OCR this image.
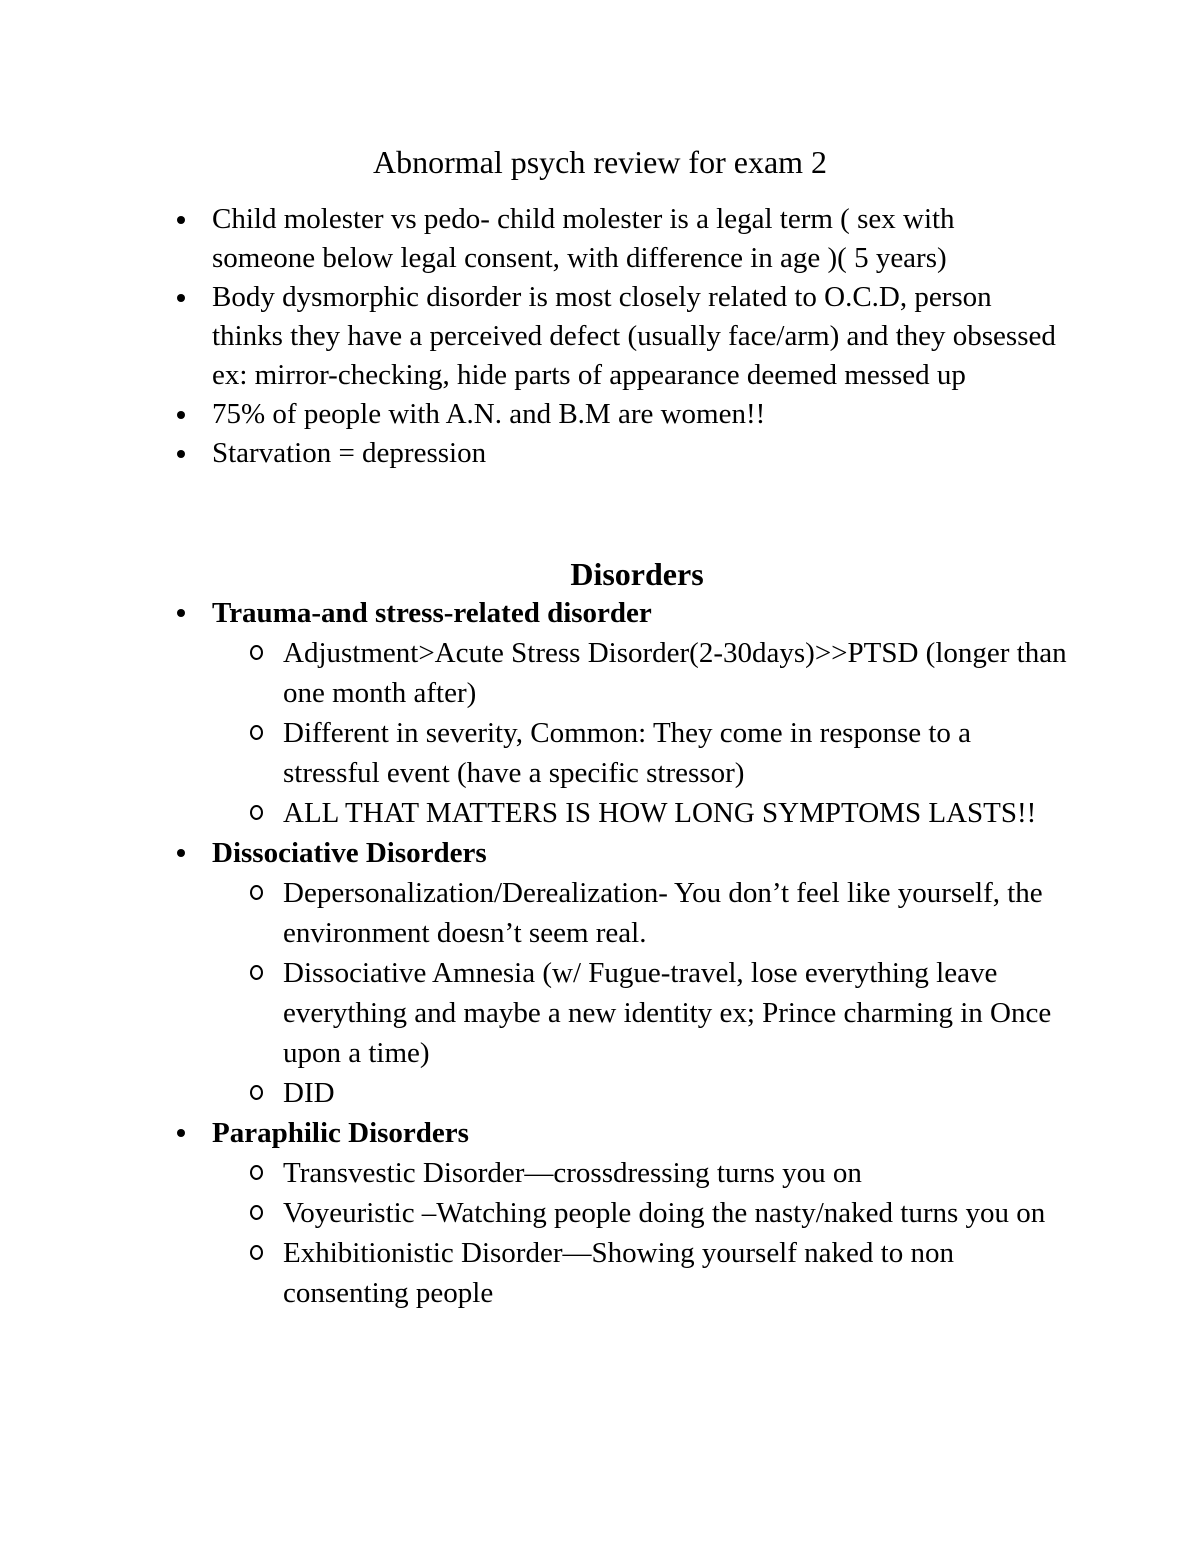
Abnormal psych review for exam 2
Child molester vs pedo- child molester is a legal term ( sex with someone below legal consent, with difference in age )( 5 years)
Body dysmorphic disorder is most closely related to O.C.D, person thinks they have a perceived defect (usually face/arm) and they obsessed ex: mirror-checking, hide parts of appearance deemed messed up
75% of people with A.N. and B.M are women!!
Starvation = depression
Disorders
Trauma-and stress-related disorder
Adjustment>Acute Stress Disorder(2-30days)>>PTSD (longer than one month after)
Different in severity, Common: They come in response to a stressful event (have a specific stressor)
ALL THAT MATTERS IS HOW LONG SYMPTOMS LASTS!!
Dissociative Disorders
Depersonalization/Derealization- You don’t feel like yourself, the environment doesn’t seem real.
Dissociative Amnesia (w/ Fugue-travel, lose everything leave everything and maybe a new identity ex; Prince charming in Once upon a time)
DID
Paraphilic Disorders
Transvestic Disorder—crossdressing turns you on
Voyeuristic –Watching people doing the nasty/naked turns you on
Exhibitionistic Disorder—Showing yourself naked to non consenting people
